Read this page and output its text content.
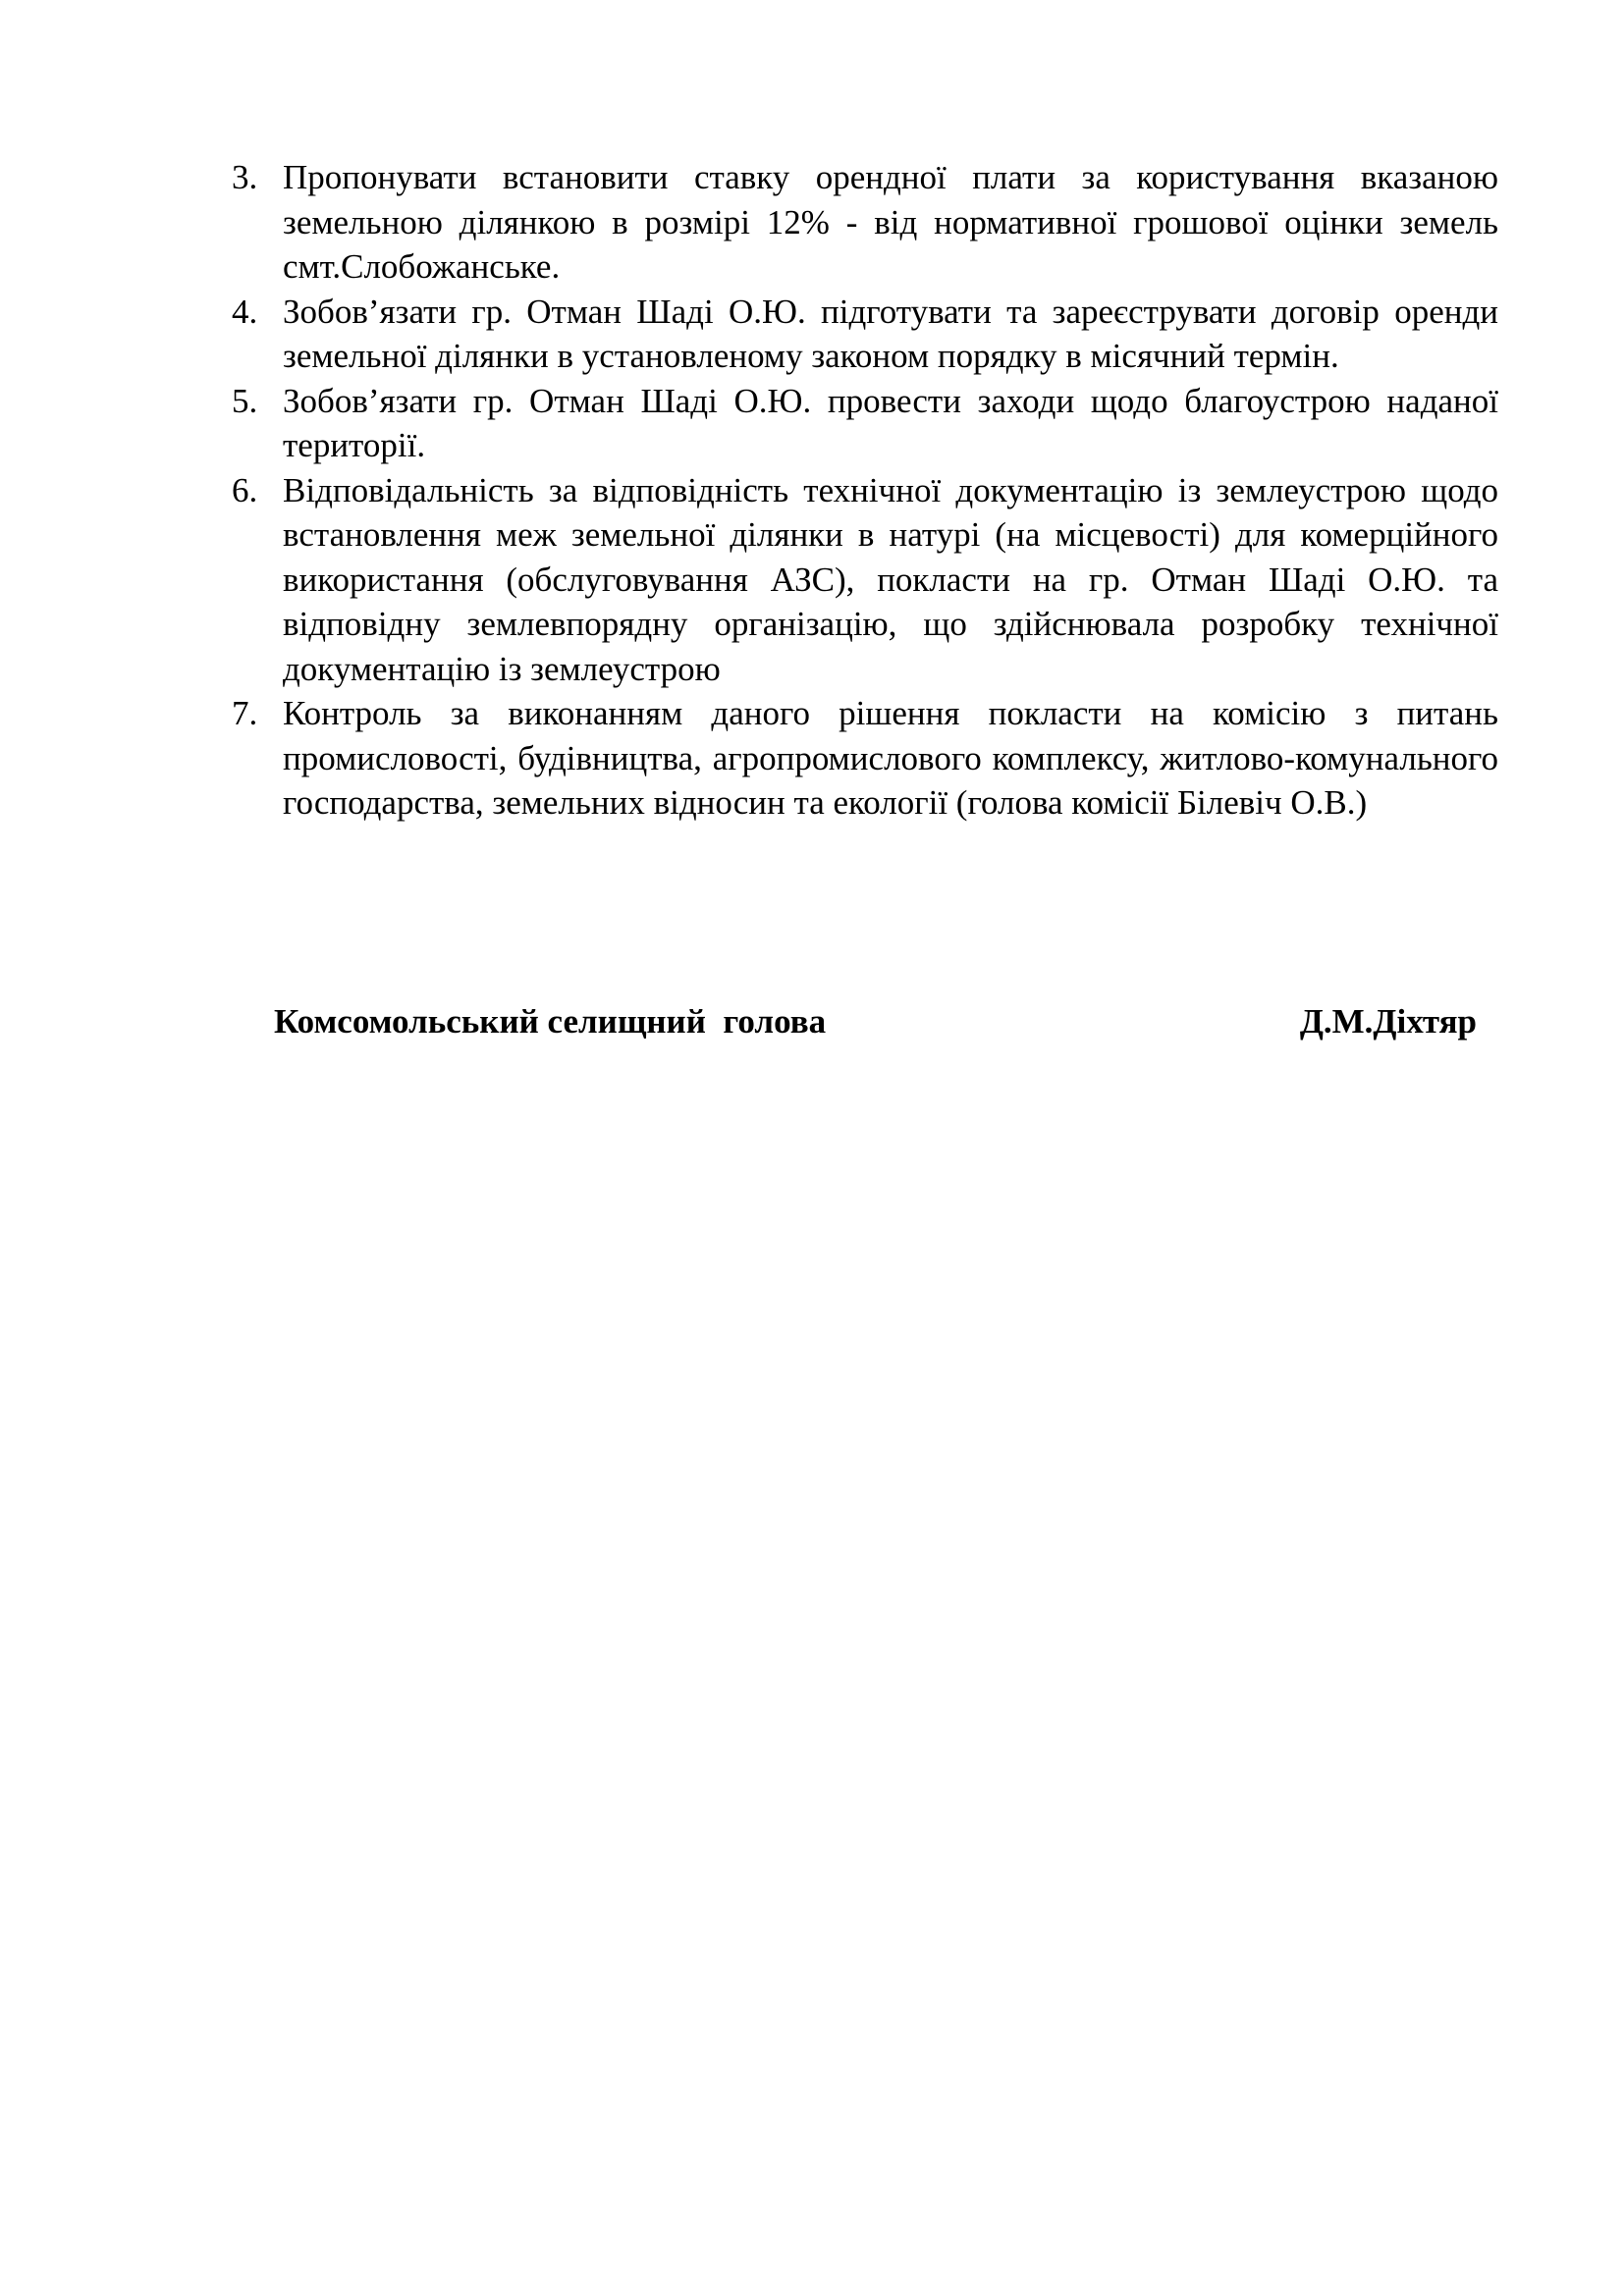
3. Пропонувати встановити ставку орендної плати за користування вказаною земельною ділянкою в розмірі 12% - від нормативної грошової оцінки земель смт.Слобожанське.
4. Зобов’язати гр. Отман Шаді О.Ю. підготувати та зареєструвати договір оренди земельної ділянки в установленому законом порядку в місячний термін.
5. Зобов’язати гр. Отман Шаді О.Ю. провести заходи щодо благоустрою наданої території.
6. Відповідальність за відповідність технічної документацію із землеустрою щодо встановлення меж земельної ділянки в натурі (на місцевості) для комерційного використання (обслуговування АЗС), покласти на гр. Отман Шаді О.Ю. та відповідну землевпорядну організацію, що здійснювала розробку технічної документацію із землеустрою
7. Контроль за виконанням даного рішення покласти на комісію з питань промисловості, будівництва, агропромислового комплексу, житлово-комунального господарства, земельних відносин та екології (голова комісії Білевіч О.В.)
Комсомольський селищний  голова	Д.М.Діхтяр
